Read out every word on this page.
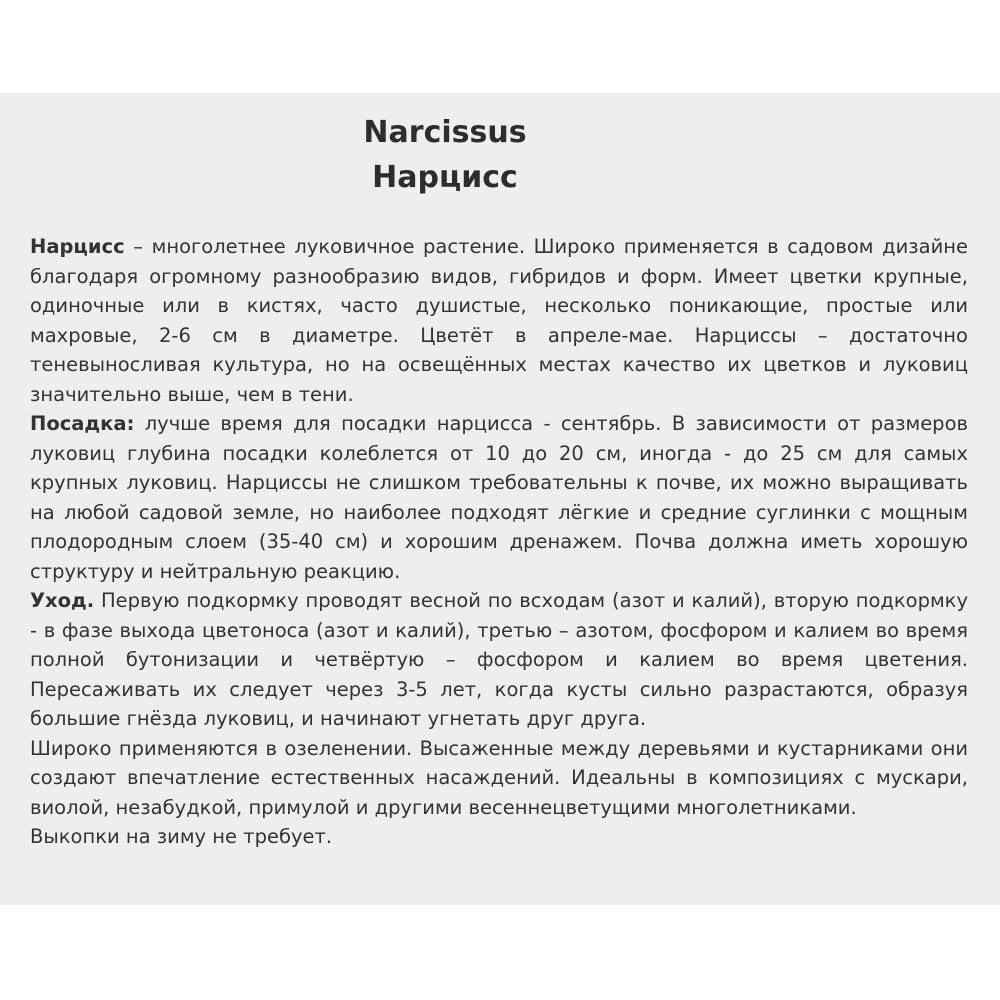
Narcissus
Нарцисс

Нарцисс – многолетнее луковичное растение. Широко применяется в садовом дизайне благодаря огромному разнообразию видов, гибридов и форм. Имеет цветки крупные, одиночные или в кистях, часто душистые, несколько поникающие, простые или махровые, 2-6 см в диаметре. Цветёт в апреле-мае. Нарциссы – достаточно теневыносливая культура, но на освещённых местах качество их цветков и луковиц значительно выше, чем в тени.

Посадка: лучше время для посадки нарцисса - сентябрь. В зависимости от размеров луковиц глубина посадки колеблется от 10 до 20 см, иногда - до 25 см для самых крупных луковиц. Нарциссы не слишком требовательны к почве, их можно выращивать на любой садовой земле, но наиболее подходят лёгкие и средние суглинки с мощным плодородным слоем (35-40 см) и хорошим дренажем. Почва должна иметь хорошую структуру и нейтральную реакцию.

Уход. Первую подкормку проводят весной по всходам (азот и калий), вторую подкормку - в фазе выхода цветоноса (азот и калий), третью – азотом, фосфором и калием во время полной бутонизации и четвёртую – фосфором и калием во время цветения. Пересаживать их следует через 3-5 лет, когда кусты сильно разрастаются, образуя большие гнёзда луковиц, и начинают угнетать друг друга.

Широко применяются в озеленении. Высаженные между деревьями и кустарниками они создают впечатление естественных насаждений. Идеальны в композициях с мускари, виолой, незабудкой, примулой и другими весеннецветущими многолетниками.

Выкопки на зиму не требует.
